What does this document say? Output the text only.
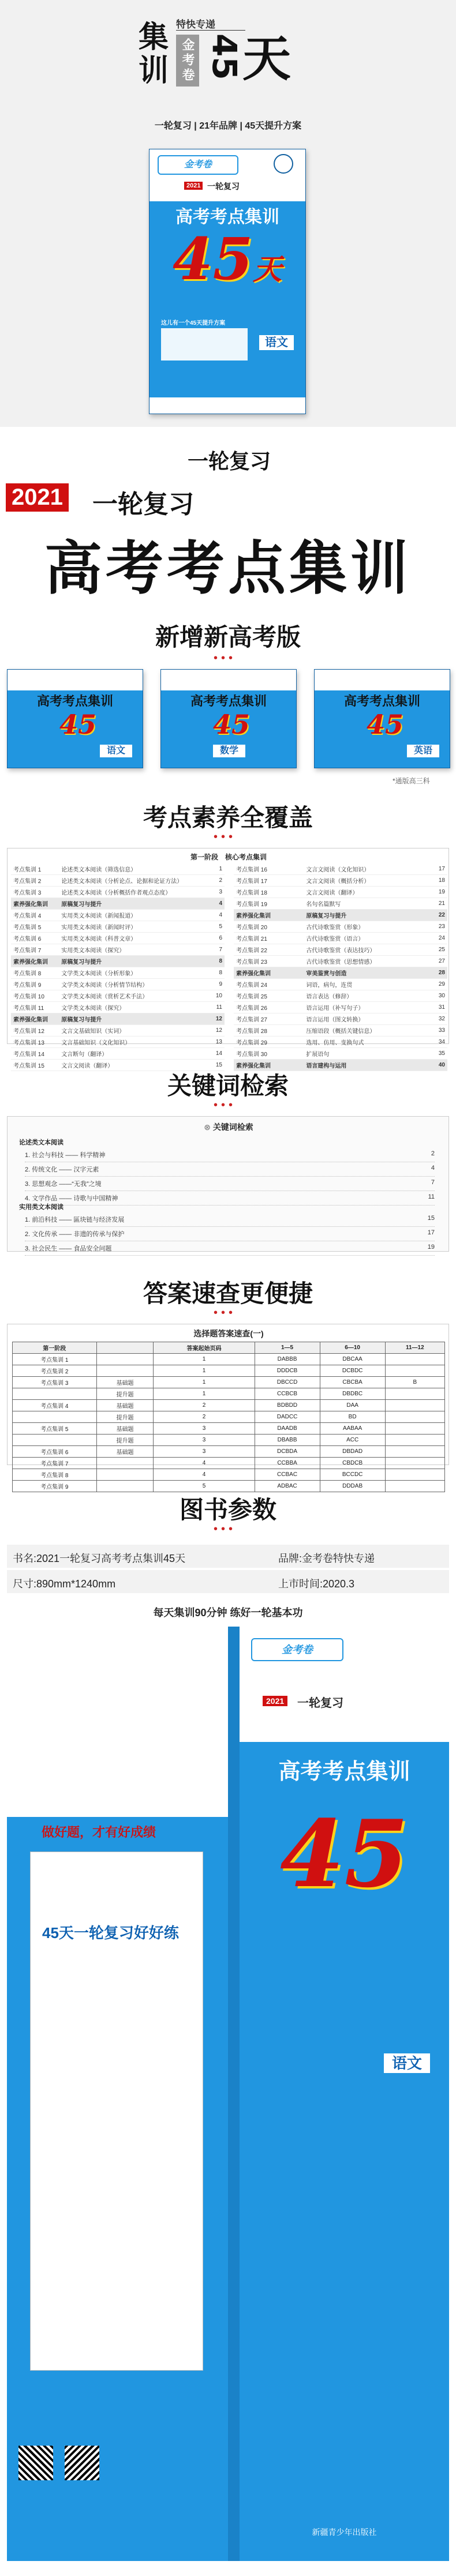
集
训
特快专递
金考卷 45
天
一轮复习 | 21年品牌 | 45天提升方案
金考卷
2021 一轮复习
高考考点集训
45天
这儿有一个45天提升方案
语文
一轮复习
2021 一轮复习
高考考点集训
新增新高考版
•••
高考考点集训
45
语文
高考考点集训
45
数学
高考考点集训
45
英语
*通版高三科
考点素养全覆盖
•••
第一阶段　核心考点集训
考点集训 1	论述类文本阅读（筛选信息）	1
考点集训 2	论述类文本阅读（分析论点、论据和论证方法）	2
考点集训 3	论述类文本阅读（分析概括作者观点态度）	3
素养强化集训	原稿复习与提升	4
考点集训 4	实用类文本阅读（新闻报道）	4
考点集训 5	实用类文本阅读（新闻时评）	5
考点集训 6	实用类文本阅读（科普文章）	6
考点集训 7	实用类文本阅读（探究）	7
素养强化集训	原稿复习与提升	8
考点集训 8	文学类文本阅读（分析形象）	8
考点集训 9	文学类文本阅读（分析情节结构）	9
考点集训 10	文学类文本阅读（赏析艺术手法）	10
考点集训 11	文学类文本阅读（探究）	11
素养强化集训	原稿复习与提升	12
考点集训 12	文言文基础知识（实词）	12
考点集训 13	文言基础知识（文化知识）	13
考点集训 14	文言断句（翻译）	14
考点集训 15	文言文阅读（翻译）	15
考点集训 16	文言文阅读（文化知识）	17
考点集训 17	文言文阅读（概括分析）	18
考点集训 18	文言文阅读（翻译）	19
考点集训 19	名句名篇默写	21
素养强化集训	原稿复习与提升	22
考点集训 20	古代诗歌鉴赏（形象）	23
考点集训 21	古代诗歌鉴赏（语言）	24
考点集训 22	古代诗歌鉴赏（表达技巧）	25
考点集训 23	古代诗歌鉴赏（思想情感）	27
素养强化集训	审美鉴赏与创造	28
考点集训 24	词语，病句，连贯	29
考点集训 25	语言表达（修辞）	30
考点集训 26	语言运用（补写句子）	31
考点集训 27	语言运用（图文转换）	32
考点集训 28	压缩语段（概括关键信息）	33
考点集训 29	选用、仿用、变换句式	34
考点集训 30	扩展语句	35
素养强化集训	语言建构与运用	40
关键词检索
•••
⊗ 关键词检索
论述类文本阅读
1. 社会与科技 —— 科学精神	2
2. 传统文化 —— 汉字元素	4
3. 思想观念 ——“无我”之境	7
4. 文学作品 —— 诗歌与中国精神	11
实用类文本阅读
1. 前沿科技 —— 區块链与经济发展	15
2. 文化传承 —— 非遗的传承与保护	17
3. 社会民生 —— 食品安全问题	19
答案速查更便捷
•••
选择题答案速查(一)
第一阶段		答案起始页码	1—5	6—10	11—12
考点集训 1		1	DABBB	DBCAA	
考点集训 2		1	DDDCB	DCBDC	
考点集训 3	基础题	1	DBCCD	CBCBA	B
	提升题	1	CCBCB	DBDBC	
考点集训 4	基础题	2	BDBDD	DAA	
	提升题	2	DADCC	BD	
考点集训 5	基础题	3	DAADB	AABAA	
	提升题	3	DBABB	ACC	
考点集训 6	基础题	3	DCBDA	DBDAD	
考点集训 7		4	CCBBA	CBDCB	
考点集训 8		4	CCBAC	BCCDC	
考点集训 9		5	ADBAC	DDDAB	
图书参数
•••
书名:2021一轮复习高考考点集训45天	品牌:金考卷特快专递
尺寸:890mm*1240mm	上市时间:2020.3
每天集训90分钟 练好一轮基本功
做好题，才有好成绩
45天一轮复习好好练
金考卷
2021	一轮复习
高考考点集训
45
语文
新疆青少年出版社
